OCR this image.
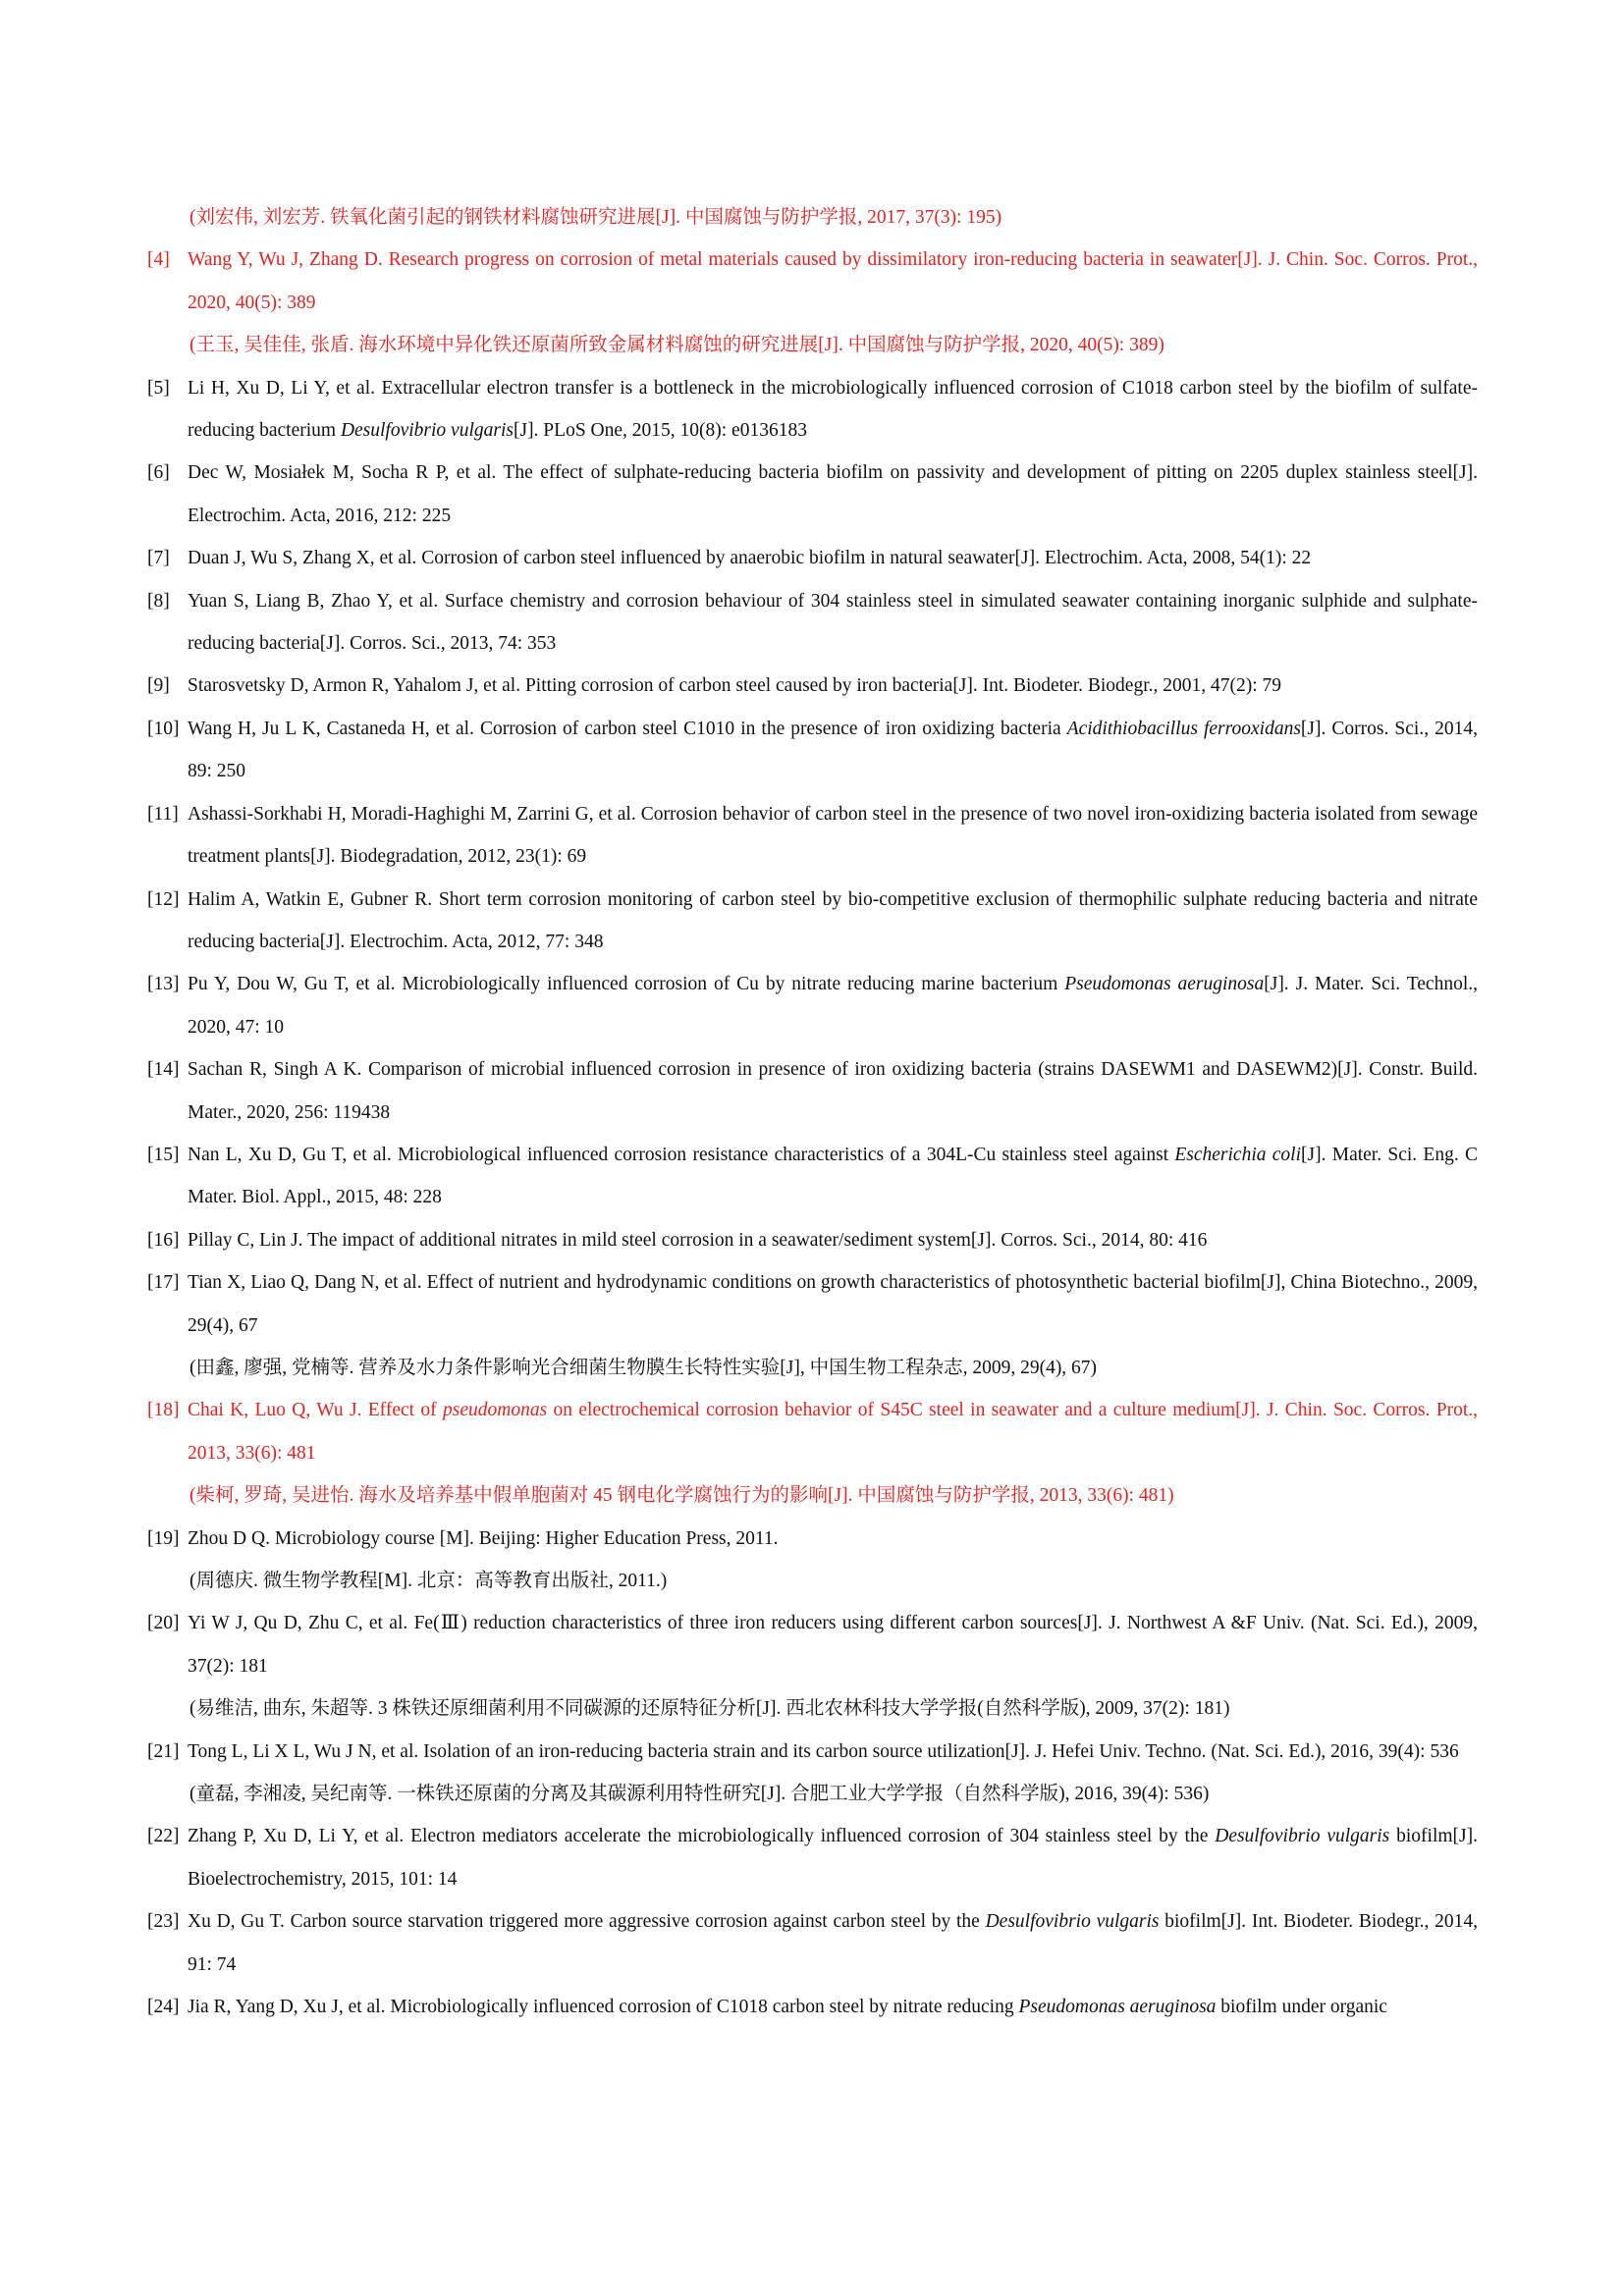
(刘宏伟, 刘宏芳. 铁氧化菌引起的钢铁材料腐蚀研究进展[J]. 中国腐蚀与防护学报, 2017, 37(3): 195)
[4] Wang Y, Wu J, Zhang D. Research progress on corrosion of metal materials caused by dissimilatory iron-reducing bacteria in seawater[J]. J. Chin. Soc. Corros. Prot., 2020, 40(5): 389
(王玉, 吴佳佳, 张盾. 海水环境中异化铁还原菌所致金属材料腐蚀的研究进展[J]. 中国腐蚀与防护学报, 2020, 40(5): 389)
[5] Li H, Xu D, Li Y, et al. Extracellular electron transfer is a bottleneck in the microbiologically influenced corrosion of C1018 carbon steel by the biofilm of sulfate-reducing bacterium Desulfovibrio vulgaris[J]. PLoS One, 2015, 10(8): e0136183
[6] Dec W, Mosiałek M, Socha R P, et al. The effect of sulphate-reducing bacteria biofilm on passivity and development of pitting on 2205 duplex stainless steel[J]. Electrochim. Acta, 2016, 212: 225
[7] Duan J, Wu S, Zhang X, et al. Corrosion of carbon steel influenced by anaerobic biofilm in natural seawater[J]. Electrochim. Acta, 2008, 54(1): 22
[8] Yuan S, Liang B, Zhao Y, et al. Surface chemistry and corrosion behaviour of 304 stainless steel in simulated seawater containing inorganic sulphide and sulphate-reducing bacteria[J]. Corros. Sci., 2013, 74: 353
[9] Starosvetsky D, Armon R, Yahalom J, et al. Pitting corrosion of carbon steel caused by iron bacteria[J]. Int. Biodeter. Biodegr., 2001, 47(2): 79
[10] Wang H, Ju L K, Castaneda H, et al. Corrosion of carbon steel C1010 in the presence of iron oxidizing bacteria Acidithiobacillus ferrooxidans[J]. Corros. Sci., 2014, 89: 250
[11] Ashassi-Sorkhabi H, Moradi-Haghighi M, Zarrini G, et al. Corrosion behavior of carbon steel in the presence of two novel iron-oxidizing bacteria isolated from sewage treatment plants[J]. Biodegradation, 2012, 23(1): 69
[12] Halim A, Watkin E, Gubner R. Short term corrosion monitoring of carbon steel by bio-competitive exclusion of thermophilic sulphate reducing bacteria and nitrate reducing bacteria[J]. Electrochim. Acta, 2012, 77: 348
[13] Pu Y, Dou W, Gu T, et al. Microbiologically influenced corrosion of Cu by nitrate reducing marine bacterium Pseudomonas aeruginosa[J]. J. Mater. Sci. Technol., 2020, 47: 10
[14] Sachan R, Singh A K. Comparison of microbial influenced corrosion in presence of iron oxidizing bacteria (strains DASEWM1 and DASEWM2)[J]. Constr. Build. Mater., 2020, 256: 119438
[15] Nan L, Xu D, Gu T, et al. Microbiological influenced corrosion resistance characteristics of a 304L-Cu stainless steel against Escherichia coli[J]. Mater. Sci. Eng. C Mater. Biol. Appl., 2015, 48: 228
[16] Pillay C, Lin J. The impact of additional nitrates in mild steel corrosion in a seawater/sediment system[J]. Corros. Sci., 2014, 80: 416
[17] Tian X, Liao Q, Dang N, et al. Effect of nutrient and hydrodynamic conditions on growth characteristics of photosynthetic bacterial biofilm[J], China Biotechno., 2009, 29(4), 67
(田鑫, 廖强, 党楠等. 营养及水力条件影响光合细菌生物膜生长特性实验[J], 中国生物工程杂志, 2009, 29(4), 67)
[18] Chai K, Luo Q, Wu J. Effect of pseudomonas on electrochemical corrosion behavior of S45C steel in seawater and a culture medium[J]. J. Chin. Soc. Corros. Prot., 2013, 33(6): 481
(柴柯, 罗琦, 吴进怡. 海水及培养基中假单胞菌对 45 钢电化学腐蚀行为的影响[J]. 中国腐蚀与防护学报, 2013, 33(6): 481)
[19] Zhou D Q. Microbiology course [M]. Beijing: Higher Education Press, 2011.
(周德庆. 微生物学教程[M]. 北京：高等教育出版社, 2011.)
[20] Yi W J, Qu D, Zhu C, et al. Fe(Ⅲ) reduction characteristics of three iron reducers using different carbon sources[J]. J. Northwest A &F Univ. (Nat. Sci. Ed.), 2009, 37(2): 181
(易维洁, 曲东, 朱超等. 3 株铁还原细菌利用不同碳源的还原特征分析[J]. 西北农林科技大学学报(自然科学版), 2009, 37(2): 181)
[21] Tong L, Li X L, Wu J N, et al. Isolation of an iron-reducing bacteria strain and its carbon source utilization[J]. J. Hefei Univ. Techno. (Nat. Sci. Ed.), 2016, 39(4): 536
(童磊, 李湘凌, 吴纪南等. 一株铁还原菌的分离及其碳源利用特性研究[J]. 合肥工业大学学报（自然科学版), 2016, 39(4): 536)
[22] Zhang P, Xu D, Li Y, et al. Electron mediators accelerate the microbiologically influenced corrosion of 304 stainless steel by the Desulfovibrio vulgaris biofilm[J]. Bioelectrochemistry, 2015, 101: 14
[23] Xu D, Gu T. Carbon source starvation triggered more aggressive corrosion against carbon steel by the Desulfovibrio vulgaris biofilm[J]. Int. Biodeter. Biodegr., 2014, 91: 74
[24] Jia R, Yang D, Xu J, et al. Microbiologically influenced corrosion of C1018 carbon steel by nitrate reducing Pseudomonas aeruginosa biofilm under organic
